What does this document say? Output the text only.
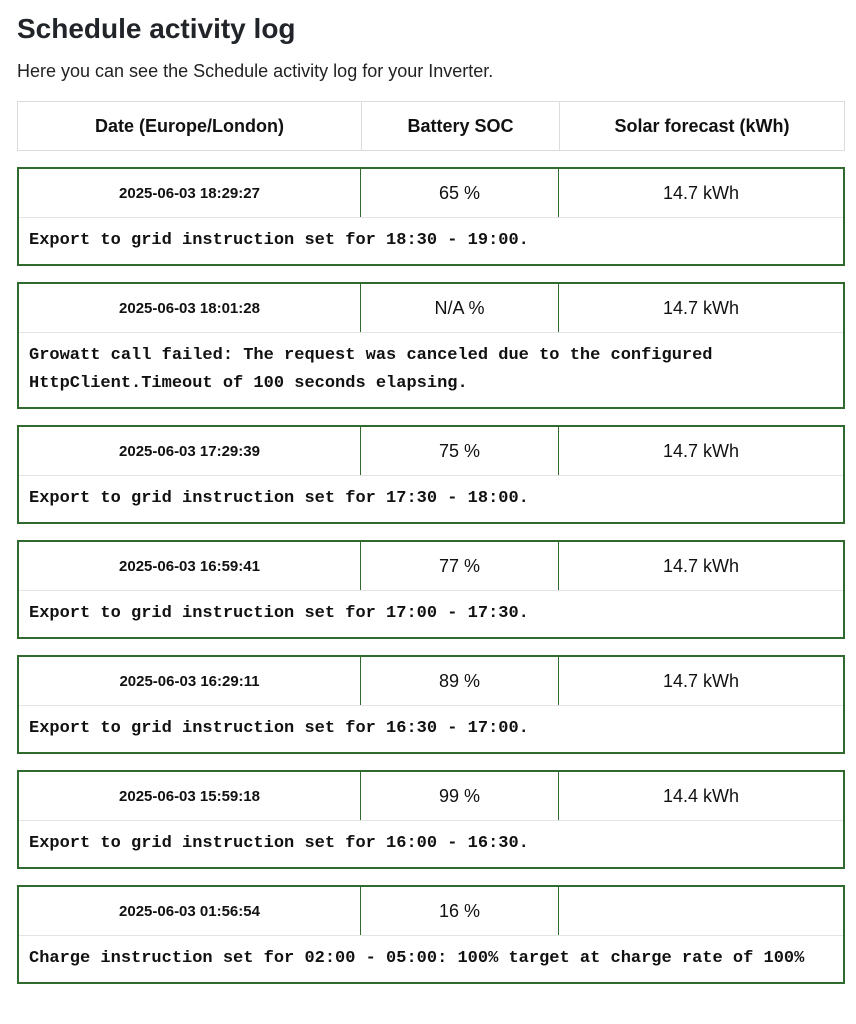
Schedule activity log

Here you can see the Schedule activity log for your Inverter.

Date (Europe/London)	Battery SOC	Solar forecast (kWh)
2025-06-03 18:29:27	65 %	14.7 kWh
Export to grid instruction set for 18:30 - 19:00.
2025-06-03 18:01:28	N/A %	14.7 kWh
Growatt call failed: The request was canceled due to the configured HttpClient.Timeout of 100 seconds elapsing.
2025-06-03 17:29:39	75 %	14.7 kWh
Export to grid instruction set for 17:30 - 18:00.
2025-06-03 16:59:41	77 %	14.7 kWh
Export to grid instruction set for 17:00 - 17:30.
2025-06-03 16:29:11	89 %	14.7 kWh
Export to grid instruction set for 16:30 - 17:00.
2025-06-03 15:59:18	99 %	14.4 kWh
Export to grid instruction set for 16:00 - 16:30.
2025-06-03 01:56:54	16 %
Charge instruction set for 02:00 - 05:00: 100% target at charge rate of 100%
